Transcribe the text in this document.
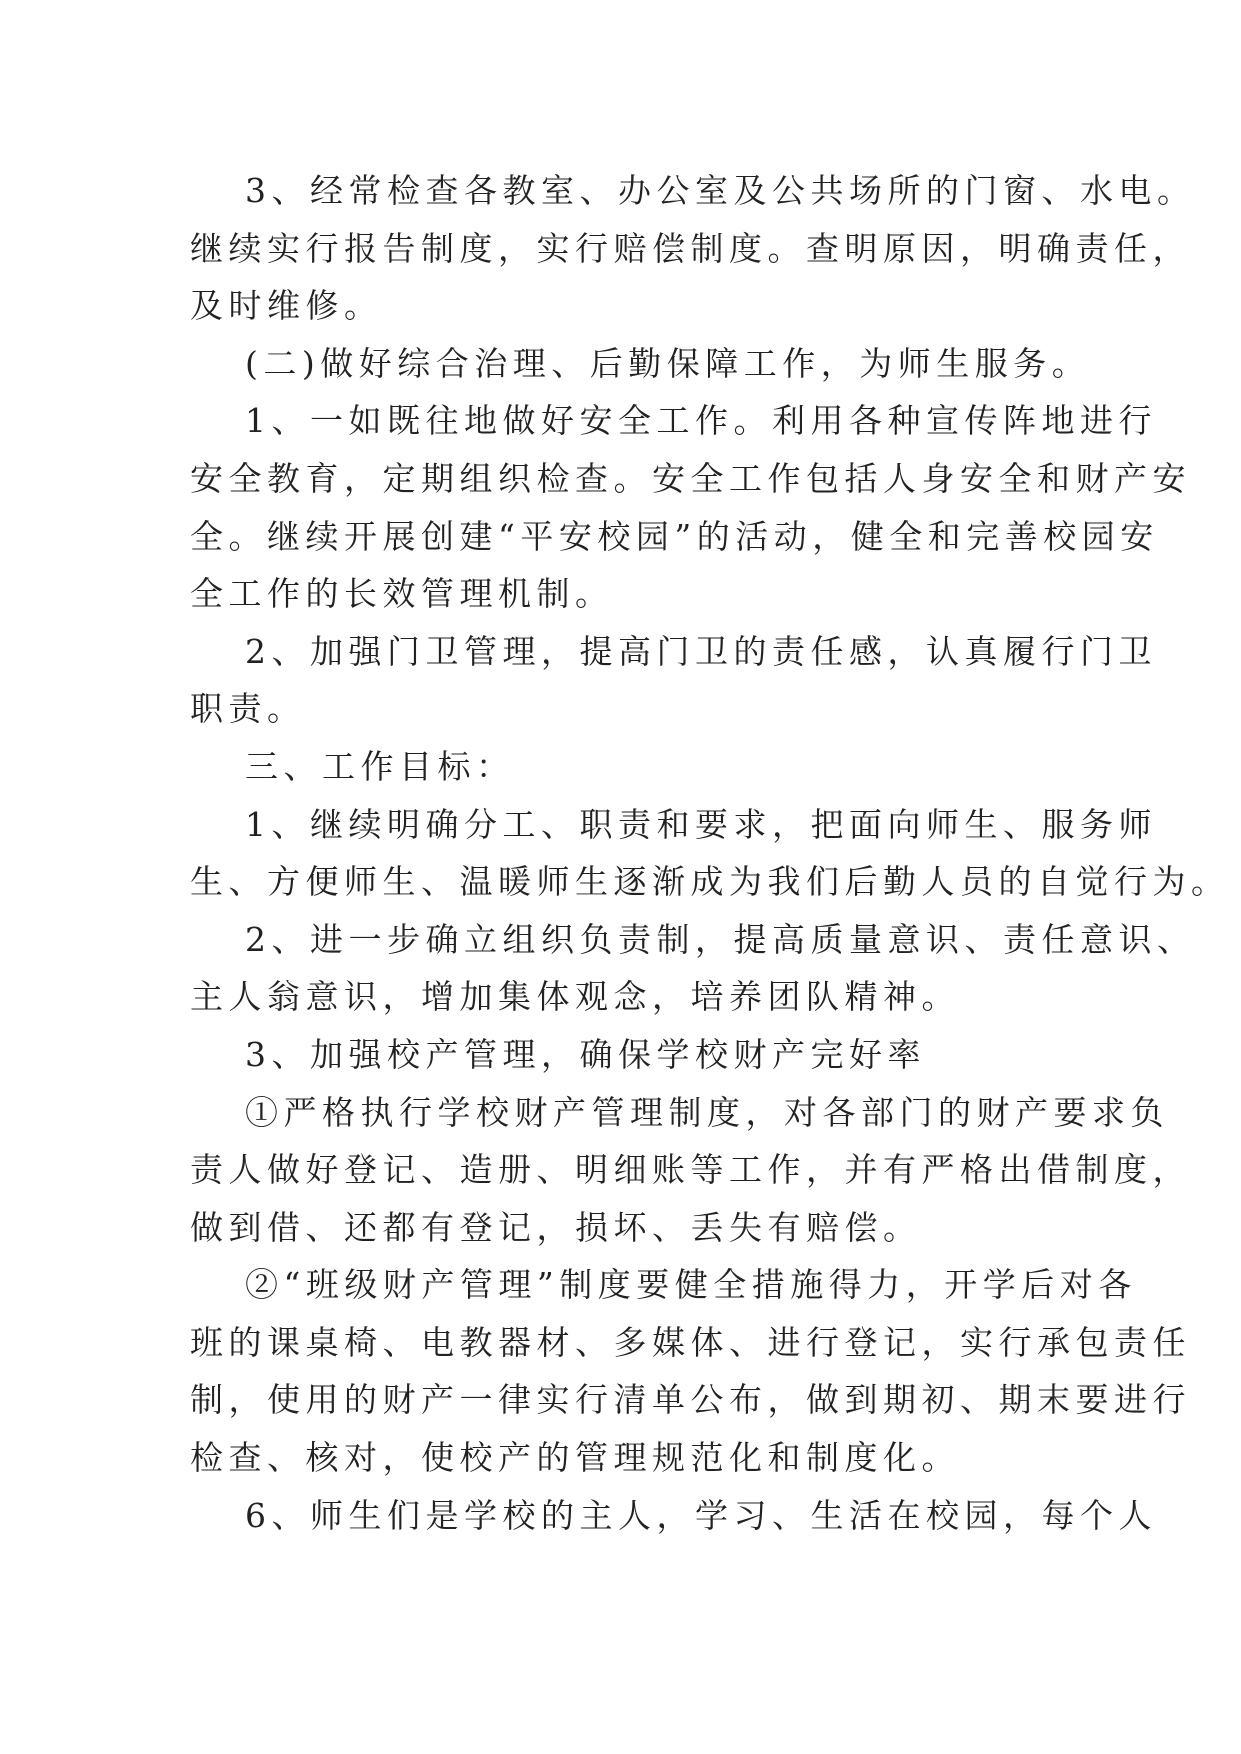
3、经常检查各教室、办公室及公共场所的门窗、水电。

继续实行报告制度，实行赔偿制度。查明原因，明确责任，

及时维修。

(二)做好综合治理、后勤保障工作，为师生服务。

1、一如既往地做好安全工作。利用各种宣传阵地进行

安全教育，定期组织检查。安全工作包括人身安全和财产安

全。继续开展创建“平安校园”的活动，健全和完善校园安

全工作的长效管理机制。

2、加强门卫管理，提高门卫的责任感，认真履行门卫

职责。

三、工作目标：

1、继续明确分工、职责和要求，把面向师生、服务师

生、方便师生、温暖师生逐渐成为我们后勤人员的自觉行为。

2、进一步确立组织负责制，提高质量意识、责任意识、

主人翁意识，增加集体观念，培养团队精神。

3、加强校产管理，确保学校财产完好率

①严格执行学校财产管理制度，对各部门的财产要求负

责人做好登记、造册、明细账等工作，并有严格出借制度，

做到借、还都有登记，损坏、丢失有赔偿。

②“班级财产管理”制度要健全措施得力，开学后对各

班的课桌椅、电教器材、多媒体、进行登记，实行承包责任

制，使用的财产一律实行清单公布，做到期初、期末要进行

检查、核对，使校产的管理规范化和制度化。

6、师生们是学校的主人，学习、生活在校园，每个人
